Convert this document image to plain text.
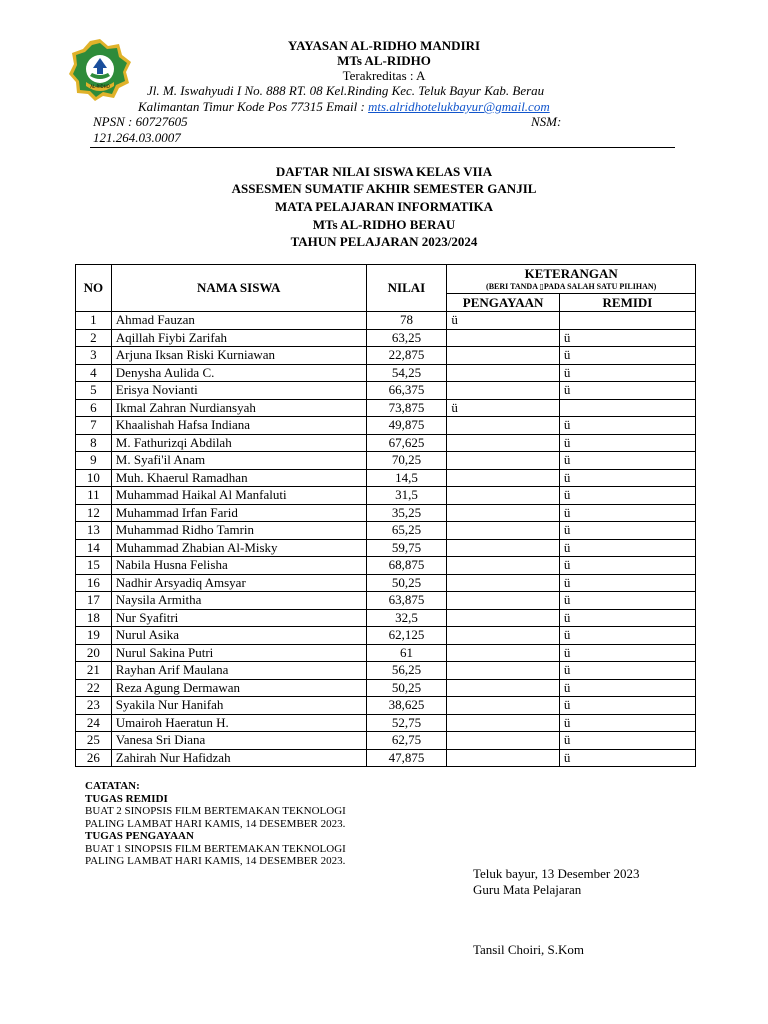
AL-RIDHO
YAYASAN AL-RIDHO MANDIRI
MTs AL-RIDHO
Terakreditas : A
Jl. M. Iswahyudi I No. 888 RT. 08 Kel.Rinding Kec. Teluk Bayur Kab. Berau
Kalimantan Timur Kode Pos 77315 Email : mts.alridhotelukbayur@gmail.com
NPSN : 60727605	NSM:
121.264.03.0007
DAFTAR NILAI SISWA KELAS VIIA
ASSESMEN SUMATIF AKHIR SEMESTER GANJIL
MATA PELAJARAN INFORMATIKA
MTs AL-RIDHO BERAU
TAHUN PELAJARAN 2023/2024
NO	NAMA SISWA	NILAI	KETERANGAN
(BERI TANDA ▯PADA SALAH SATU PILIHAN)	

			PENGAYAAN	REMIDI
1	Ahmad Fauzan	78	ü	
2	Aqillah Fiybi Zarifah	63,25		ü
3	Arjuna Iksan Riski Kurniawan	22,875		ü
4	Denysha Aulida C.	54,25		ü
5	Erisya Novianti	66,375		ü
6	Ikmal Zahran Nurdiansyah	73,875	ü	
7	Khaalishah Hafsa Indiana	49,875		ü
8	M. Fathurizqi Abdilah	67,625		ü
9	M. Syafi'il Anam	70,25		ü
10	Muh. Khaerul Ramadhan	14,5		ü
11	Muhammad Haikal Al Manfaluti	31,5		ü
12	Muhammad Irfan Farid	35,25		ü
13	Muhammad Ridho Tamrin	65,25		ü
14	Muhammad Zhabian Al-Misky	59,75		ü
15	Nabila Husna Felisha	68,875		ü
16	Nadhir Arsyadiq Amsyar	50,25		ü
17	Naysila Armitha	63,875		ü
18	Nur Syafitri	32,5		ü
19	Nurul Asika	62,125		ü
20	Nurul Sakina Putri	61		ü
21	Rayhan Arif Maulana	56,25		ü
22	Reza Agung Dermawan	50,25		ü
23	Syakila Nur Hanifah	38,625		ü
24	Umairoh Haeratun H.	52,75		ü
25	Vanesa Sri Diana	62,75		ü
26	Zahirah Nur Hafidzah	47,875		ü
CATATAN:
TUGAS REMIDI
BUAT 2 SINOPSIS FILM BERTEMAKAN TEKNOLOGI
PALING LAMBAT HARI KAMIS, 14 DESEMBER 2023.
TUGAS PENGAYAAN
BUAT 1 SINOPSIS FILM BERTEMAKAN TEKNOLOGI
PALING LAMBAT HARI KAMIS, 14 DESEMBER 2023.
Teluk bayur, 13 Desember 2023
Guru Mata Pelajaran
Tansil Choiri, S.Kom
